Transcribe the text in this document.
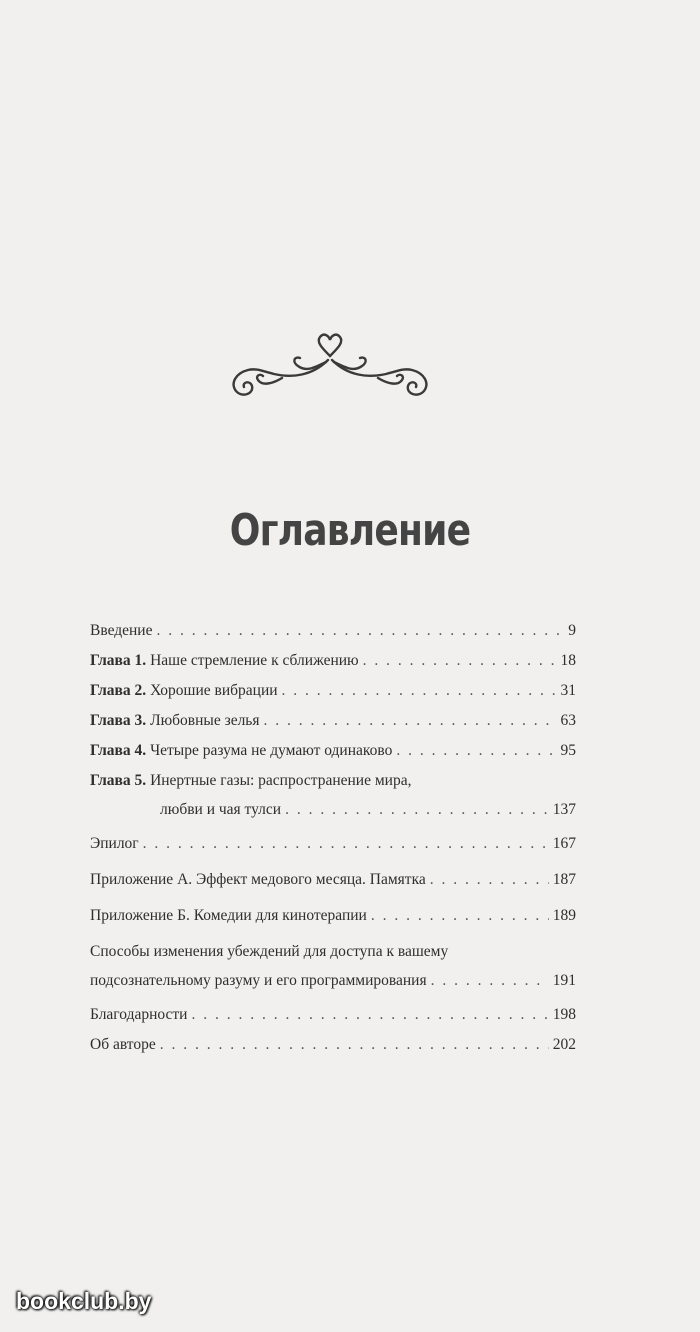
Оглавление
Введение . . .	9
Глава 1. Наше стремление к сближению . . .	18
Глава 2. Хорошие вибрации . . .	31
Глава 3. Любовные зелья . . .	63
Глава 4. Четыре разума не думают одинаково . . .	95
Глава 5. Инертные газы: распространение мира,
любви и чая тулси . . .	137
Эпилог . . .	167
Приложение А. Эффект медового месяца. Памятка . . .	187
Приложение Б. Комедии для кинотерапии . . .	189
Способы изменения убеждений для доступа к вашему
подсознательному разуму и его программирования . . .	191
Благодарности . . .	198
Об авторе . . .	202
bookclub.by
